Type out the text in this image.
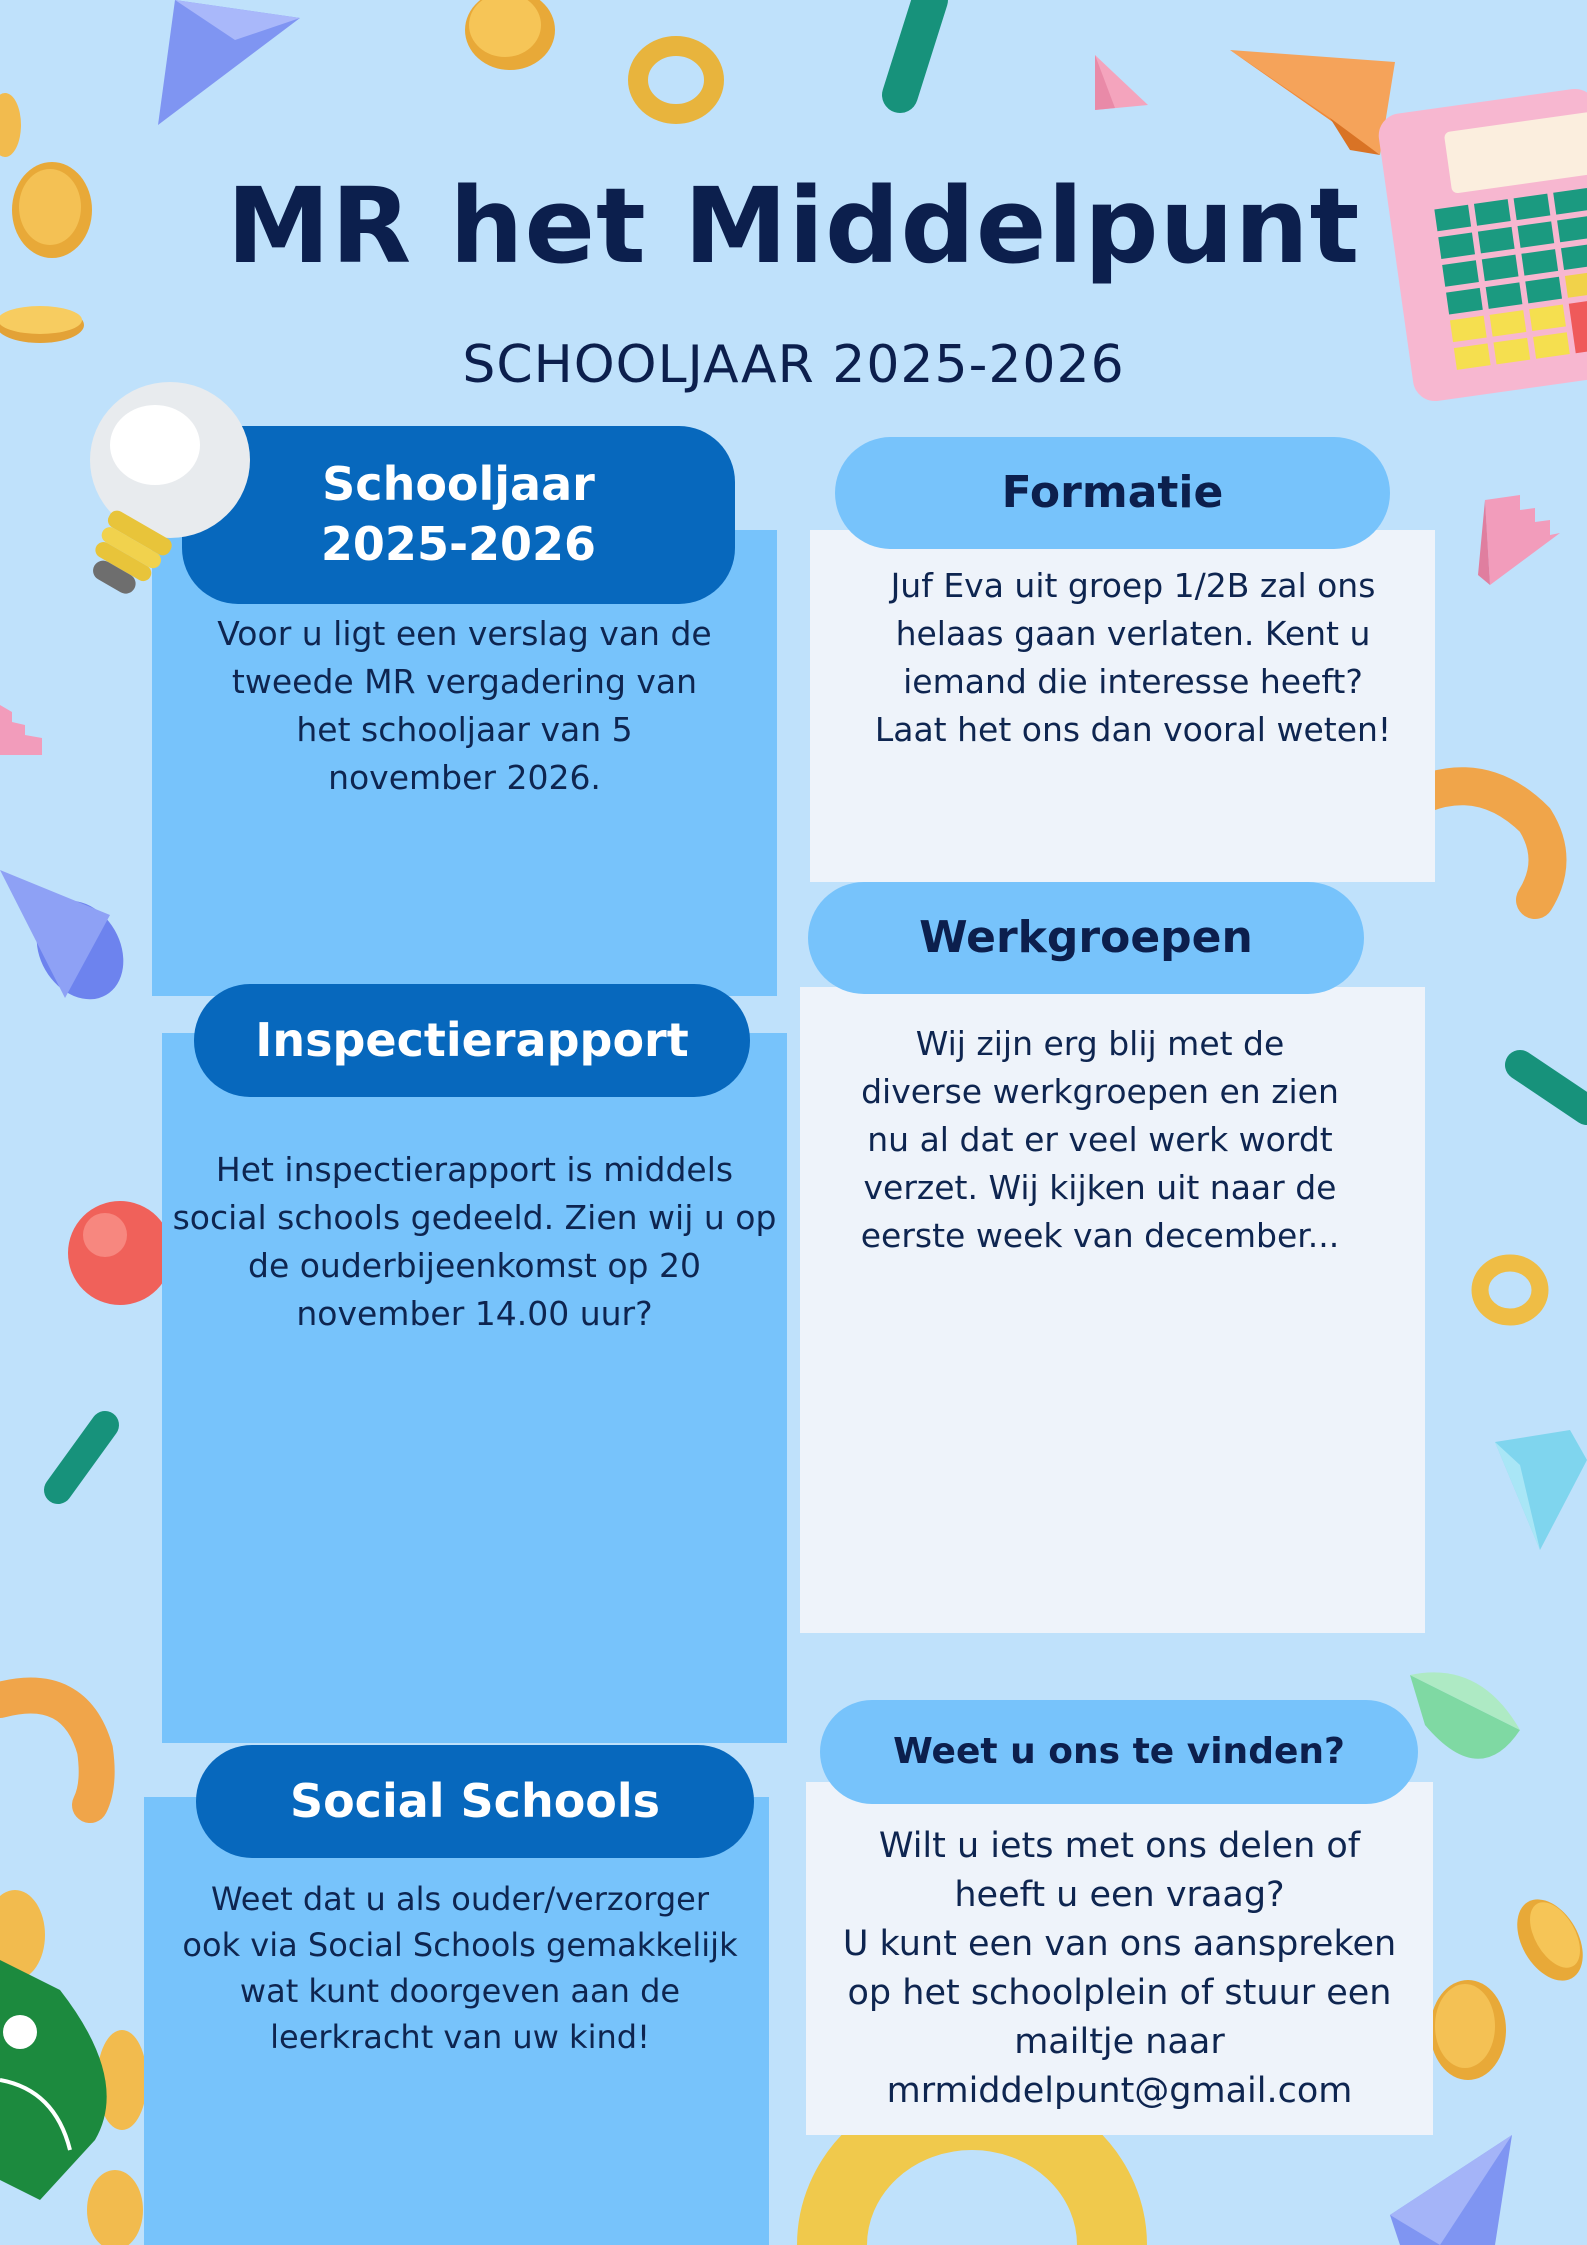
MR het Middelpunt
SCHOOLJAAR 2025-2026
Schooljaar
2025-2026
Voor u ligt een verslag van de tweede MR vergadering van het schooljaar van 5 november 2026.
Formatie
Juf Eva uit groep 1/2B zal ons helaas gaan verlaten. Kent u iemand die interesse heeft? Laat het ons dan vooral weten!
Werkgroepen
Wij zijn erg blij met de diverse werkgroepen en zien nu al dat er veel werk wordt verzet. Wij kijken uit naar de eerste week van december...
Inspectierapport
Het inspectierapport is middels social schools gedeeld. Zien wij u op de ouderbijeenkomst op 20 november 14.00 uur?
Social Schools
Weet dat u als ouder/verzorger ook via Social Schools gemakkelijk wat kunt doorgeven aan de leerkracht van uw kind!
Weet u ons te vinden?
Wilt u iets met ons delen of heeft u een vraag?
U kunt een van ons aanspreken op het schoolplein of stuur een mailtje naar
mrmiddelpunt@gmail.com
